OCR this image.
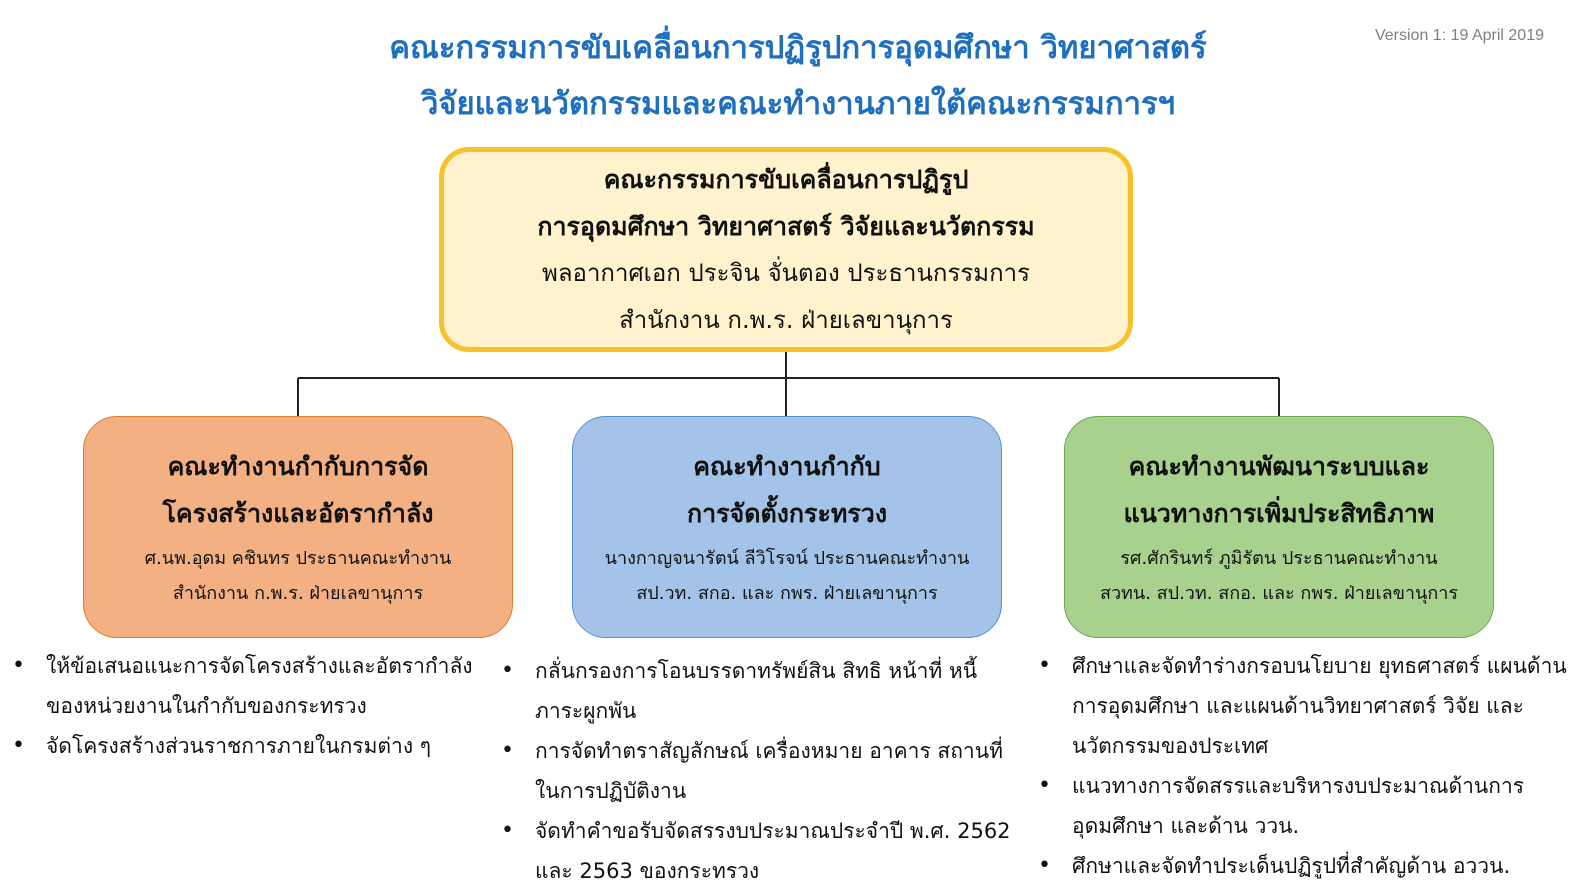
Version 1: 19 April 2019
คณะกรรมการขับเคลื่อนการปฏิรูปการอุดมศึกษา วิทยาศาสตร์
วิจัยและนวัตกรรมและคณะทำงานภายใต้คณะกรรมการฯ
คณะกรรมการขับเคลื่อนการปฏิรูป
การอุดมศึกษา วิทยาศาสตร์ วิจัยและนวัตกรรม
พลอากาศเอก ประจิน จั่นตอง ประธานกรรมการ
สำนักงาน ก.พ.ร. ฝ่ายเลขานุการ
คณะทำงานกำกับการจัด
โครงสร้างและอัตรากำลัง
ศ.นพ.อุดม คชินทร ประธานคณะทำงาน
สำนักงาน ก.พ.ร. ฝ่ายเลขานุการ
คณะทำงานกำกับ
การจัดตั้งกระทรวง
นางกาญจนารัตน์ ลีวิโรจน์ ประธานคณะทำงาน
สป.วท. สกอ. และ กพร. ฝ่ายเลขานุการ
คณะทำงานพัฒนาระบบและ
แนวทางการเพิ่มประสิทธิภาพ
รศ.ศักรินทร์ ภูมิรัตน ประธานคณะทำงาน
สวทน. สป.วท. สกอ. และ กพร. ฝ่ายเลขานุการ
• ให้ข้อเสนอแนะการจัดโครงสร้างและอัตรากำลังของหน่วยงานในกำกับของกระทรวง
• จัดโครงสร้างส่วนราชการภายในกรมต่าง ๆ
• กลั่นกรองการโอนบรรดาทรัพย์สิน สิทธิ หน้าที่ หนี้ ภาระผูกพัน
• การจัดทำตราสัญลักษณ์ เครื่องหมาย อาคาร สถานที่ในการปฏิบัติงาน
• จัดทำคำขอรับจัดสรรงบประมาณประจำปี พ.ศ. 2562 และ 2563 ของกระทรวง
• ศึกษาและจัดทำร่างกรอบนโยบาย ยุทธศาสตร์ แผนด้านการอุดมศึกษา และแผนด้านวิทยาศาสตร์ วิจัย และนวัตกรรมของประเทศ
• แนวทางการจัดสรรและบริหารงบประมาณด้านการอุดมศึกษา และด้าน ววน.
• ศึกษาและจัดทำประเด็นปฏิรูปที่สำคัญด้าน อววน.
